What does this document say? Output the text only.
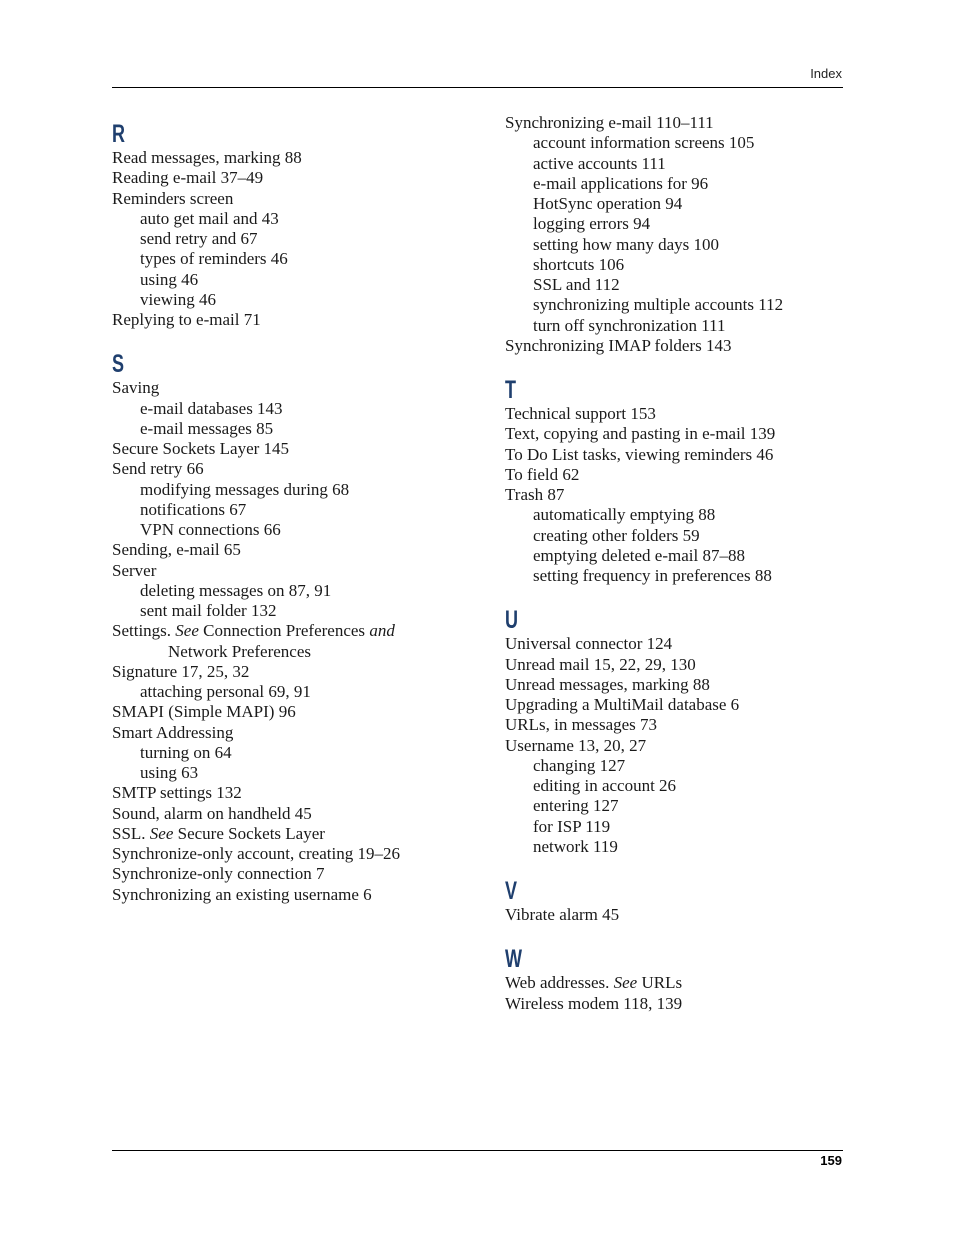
Index
R
Read messages, marking 88
Reading e-mail 37–49
Reminders screen
auto get mail and 43
send retry and 67
types of reminders 46
using 46
viewing 46
Replying to e-mail 71
S
Saving
e-mail databases 143
e-mail messages 85
Secure Sockets Layer 145
Send retry 66
modifying messages during 68
notifications 67
VPN connections 66
Sending, e-mail 65
Server
deleting messages on 87, 91
sent mail folder 132
Settings. See Connection Preferences and
Network Preferences
Signature 17, 25, 32
attaching personal 69, 91
SMAPI (Simple MAPI) 96
Smart Addressing
turning on 64
using 63
SMTP settings 132
Sound, alarm on handheld 45
SSL. See Secure Sockets Layer
Synchronize-only account, creating 19–26
Synchronize-only connection 7
Synchronizing an existing username 6
Synchronizing e-mail 110–111
account information screens 105
active accounts 111
e-mail applications for 96
HotSync operation 94
logging errors 94
setting how many days 100
shortcuts 106
SSL and 112
synchronizing multiple accounts 112
turn off synchronization 111
Synchronizing IMAP folders 143
T
Technical support 153
Text, copying and pasting in e-mail 139
To Do List tasks, viewing reminders 46
To field 62
Trash 87
automatically emptying 88
creating other folders 59
emptying deleted e-mail 87–88
setting frequency in preferences 88
U
Universal connector 124
Unread mail 15, 22, 29, 130
Unread messages, marking 88
Upgrading a MultiMail database 6
URLs, in messages 73
Username 13, 20, 27
changing 127
editing in account 26
entering 127
for ISP 119
network 119
V
Vibrate alarm 45
W
Web addresses. See URLs
Wireless modem 118, 139
159
